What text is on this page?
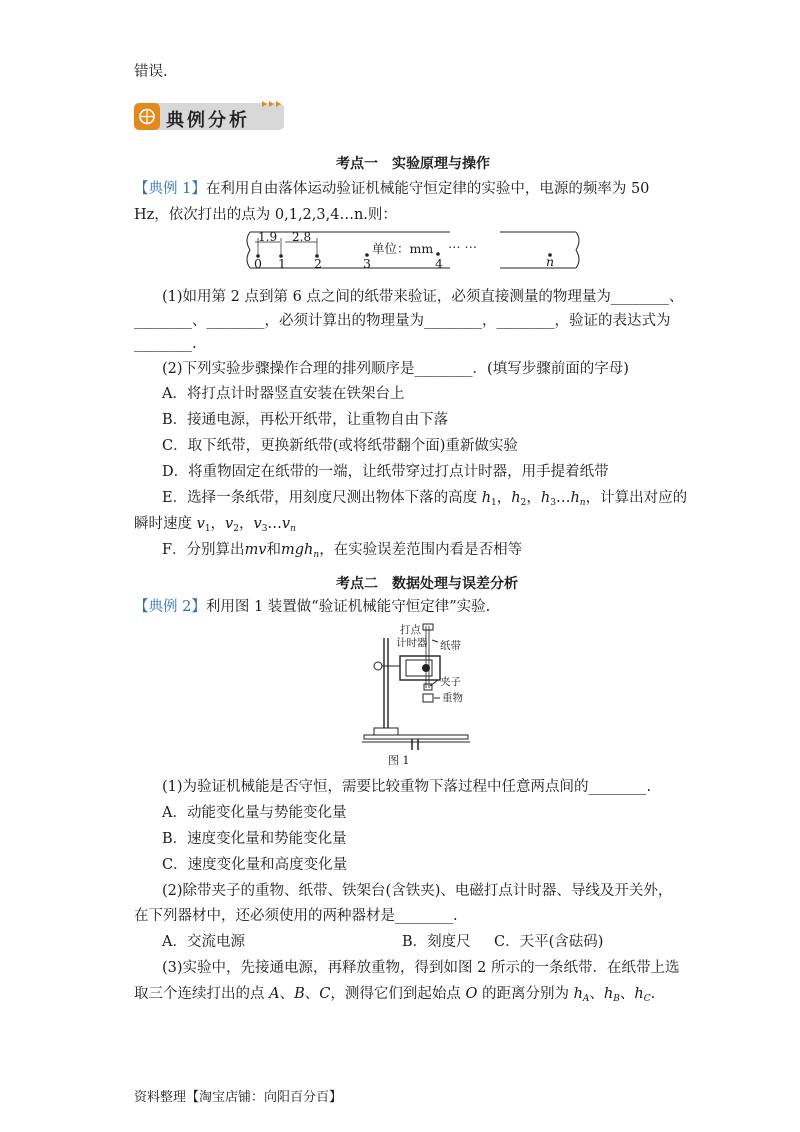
错误.
典例分析
考点一　实验原理与操作
【典例 1】在利用自由落体运动验证机械能守恒定律的实验中，电源的频率为 50
Hz，依次打出的点为 0,1,2,3,4…n.则：
1.9 2.8
单位：mm … …
0 1 2	3	4	n
(1)如用第 2 点到第 6 点之间的纸带来验证，必须直接测量的物理量为________、
________、________，必须计算出的物理量为________，________，验证的表达式为
________.
(2)下列实验步骤操作合理的排列顺序是________．(填写步骤前面的字母)
A．将打点计时器竖直安装在铁架台上
B．接通电源，再松开纸带，让重物自由下落
C．取下纸带，更换新纸带(或将纸带翻个面)重新做实验
D．将重物固定在纸带的一端，让纸带穿过打点计时器，用手提着纸带
E．选择一条纸带，用刻度尺测出物体下落的高度 $h_1$，$h_2$，$h_3\dots h_n$，计算出对应的
瞬时速度 $v_1$，$v_2$，$v_3\dots v_n$
F．分别算出mv和mgh$_n$，在实验误差范围内看是否相等
考点二　数据处理与误差分析
【典例 2】利用图 1 装置做“验证机械能守恒定律”实验.
打点
计时器 纸带
夹子
重物
图 1
(1)为验证机械能是否守恒，需要比较重物下落过程中任意两点间的________.
A．动能变化量与势能变化量
B．速度变化量和势能变化量
C．速度变化量和高度变化量
(2)除带夹子的重物、纸带、铁架台(含铁夹)、电磁打点计时器、导线及开关外，
在下列器材中，还必须使用的两种器材是________.
A．交流电源	B．刻度尺 C．天平(含砝码)
(3)实验中，先接通电源，再释放重物，得到如图 2 所示的一条纸带．在纸带上选
取三个连续打出的点 A、B、C，测得它们到起始点 O 的距离分别为 $h_A$、$h_B$、$h_C$.
资料整理【淘宝店铺：向阳百分百】
